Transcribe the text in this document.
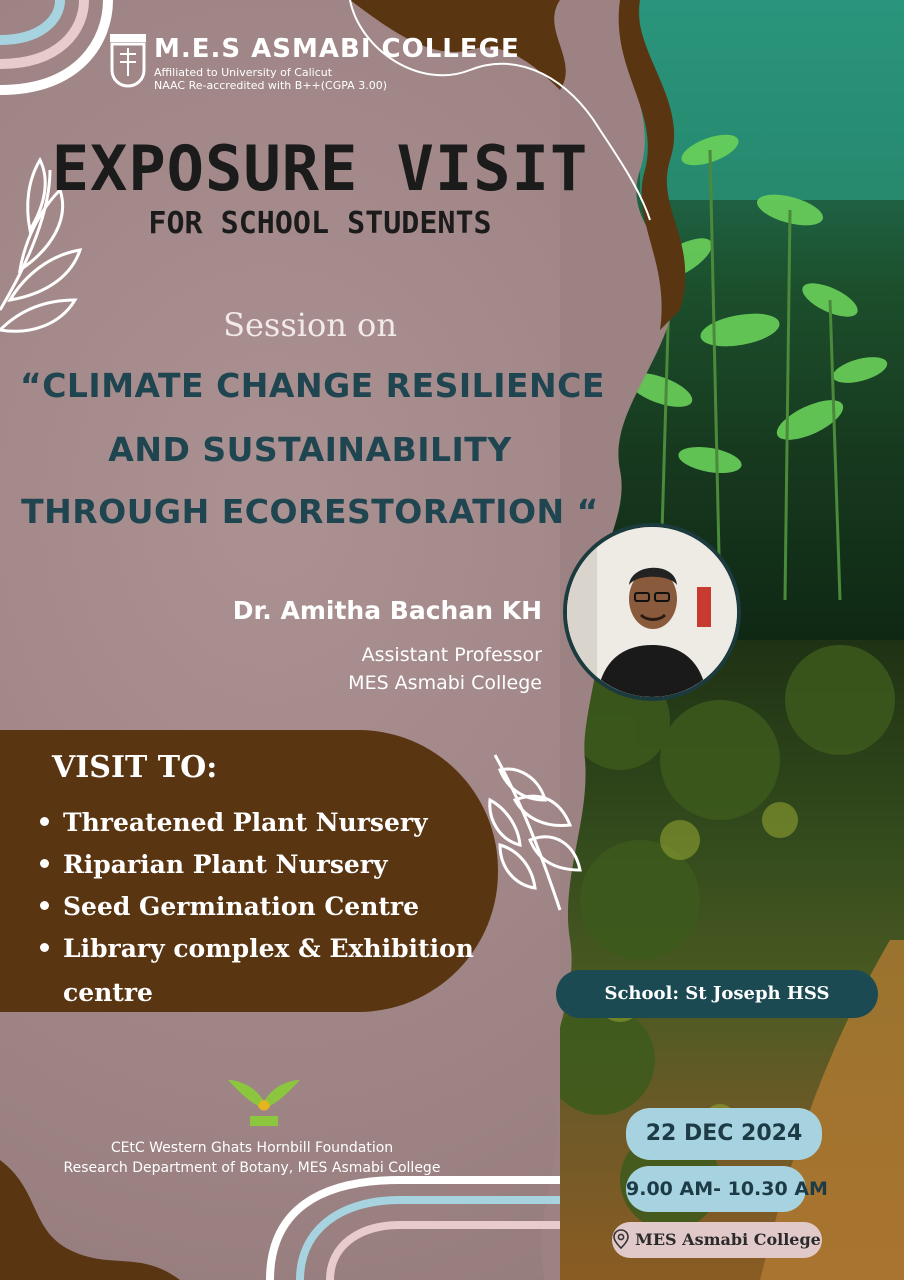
M.E.S ASMABI COLLEGE
Affiliated to University of Calicut
NAAC Re-accredited with B++(CGPA 3.00)
EXPOSURE VISIT
FOR SCHOOL STUDENTS
Session on
“CLIMATE CHANGE RESILIENCE
AND SUSTAINABILITY
THROUGH ECORESTORATION “
Dr. Amitha Bachan KH
Assistant Professor
MES Asmabi College
VISIT TO:
Threatened Plant Nursery
Riparian Plant Nursery
Seed Germination Centre
Library complex & Exhibition
centre	School: St Joseph HSS
22 DEC 2024
9.00 AM- 10.30 AM
MES Asmabi College
CEtC Western Ghats Hornbill Foundation
Research Department of Botany, MES Asmabi College
